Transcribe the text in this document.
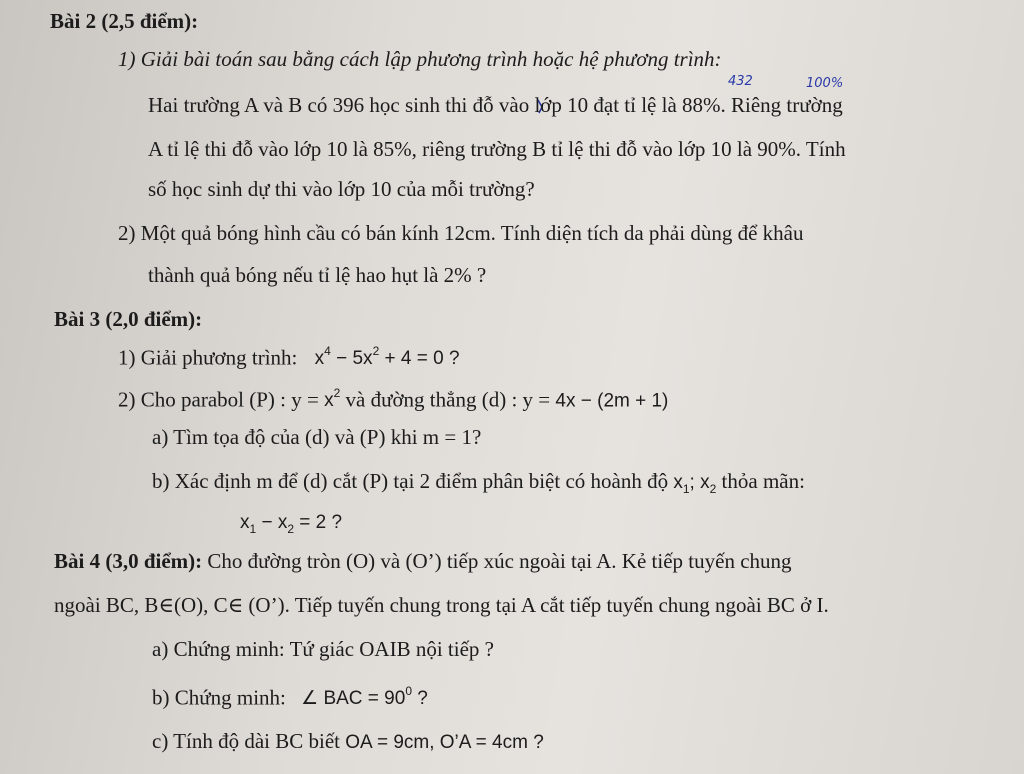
Bài 2 (2,5 điểm):
1) Giải bài toán sau bằng cách lập phương trình hoặc hệ phương trình:
432	100%
Hai trường A và B có 396 học sinh thi đỗ vào lớp 10 đạt tỉ lệ là 88%. Riêng trường
A tỉ lệ thi đỗ vào lớp 10 là 85%, riêng trường B tỉ lệ thi đỗ vào lớp 10 là 90%. Tính
số học sinh dự thi vào lớp 10 của mỗi trường?
2) Một quả bóng hình cầu có bán kính 12cm. Tính diện tích da phải dùng để khâu
thành quả bóng nếu tỉ lệ hao hụt là 2% ?
Bài 3 (2,0 điểm):
1) Giải phương trình: $x^4 - 5x^2 + 4 = 0$ ?
2) Cho parabol (P) : $y = x^2$ và đường thẳng (d) : y = 4x − (2m + 1)
a) Tìm tọa độ của (d) và (P) khi m = 1?
b) Xác định m để (d) cắt (P) tại 2 điểm phân biệt có hoành độ $x_1$; $x_2$ thỏa mãn:
$x_1 - x_2 = 2$ ?
Bài 4 (3,0 điểm): Cho đường tròn (O) và (O’) tiếp xúc ngoài tại A. Kẻ tiếp tuyến chung
ngoài BC, B∈(O), C∈ (O’). Tiếp tuyến chung trong tại A cắt tiếp tuyến chung ngoài BC ở I.
a) Chứng minh: Tứ giác OAIB nội tiếp ?
b) Chứng minh: ∠ BAC = $90^0$ ?
c) Tính độ dài BC biết OA = 9cm, O’A = 4cm ?
